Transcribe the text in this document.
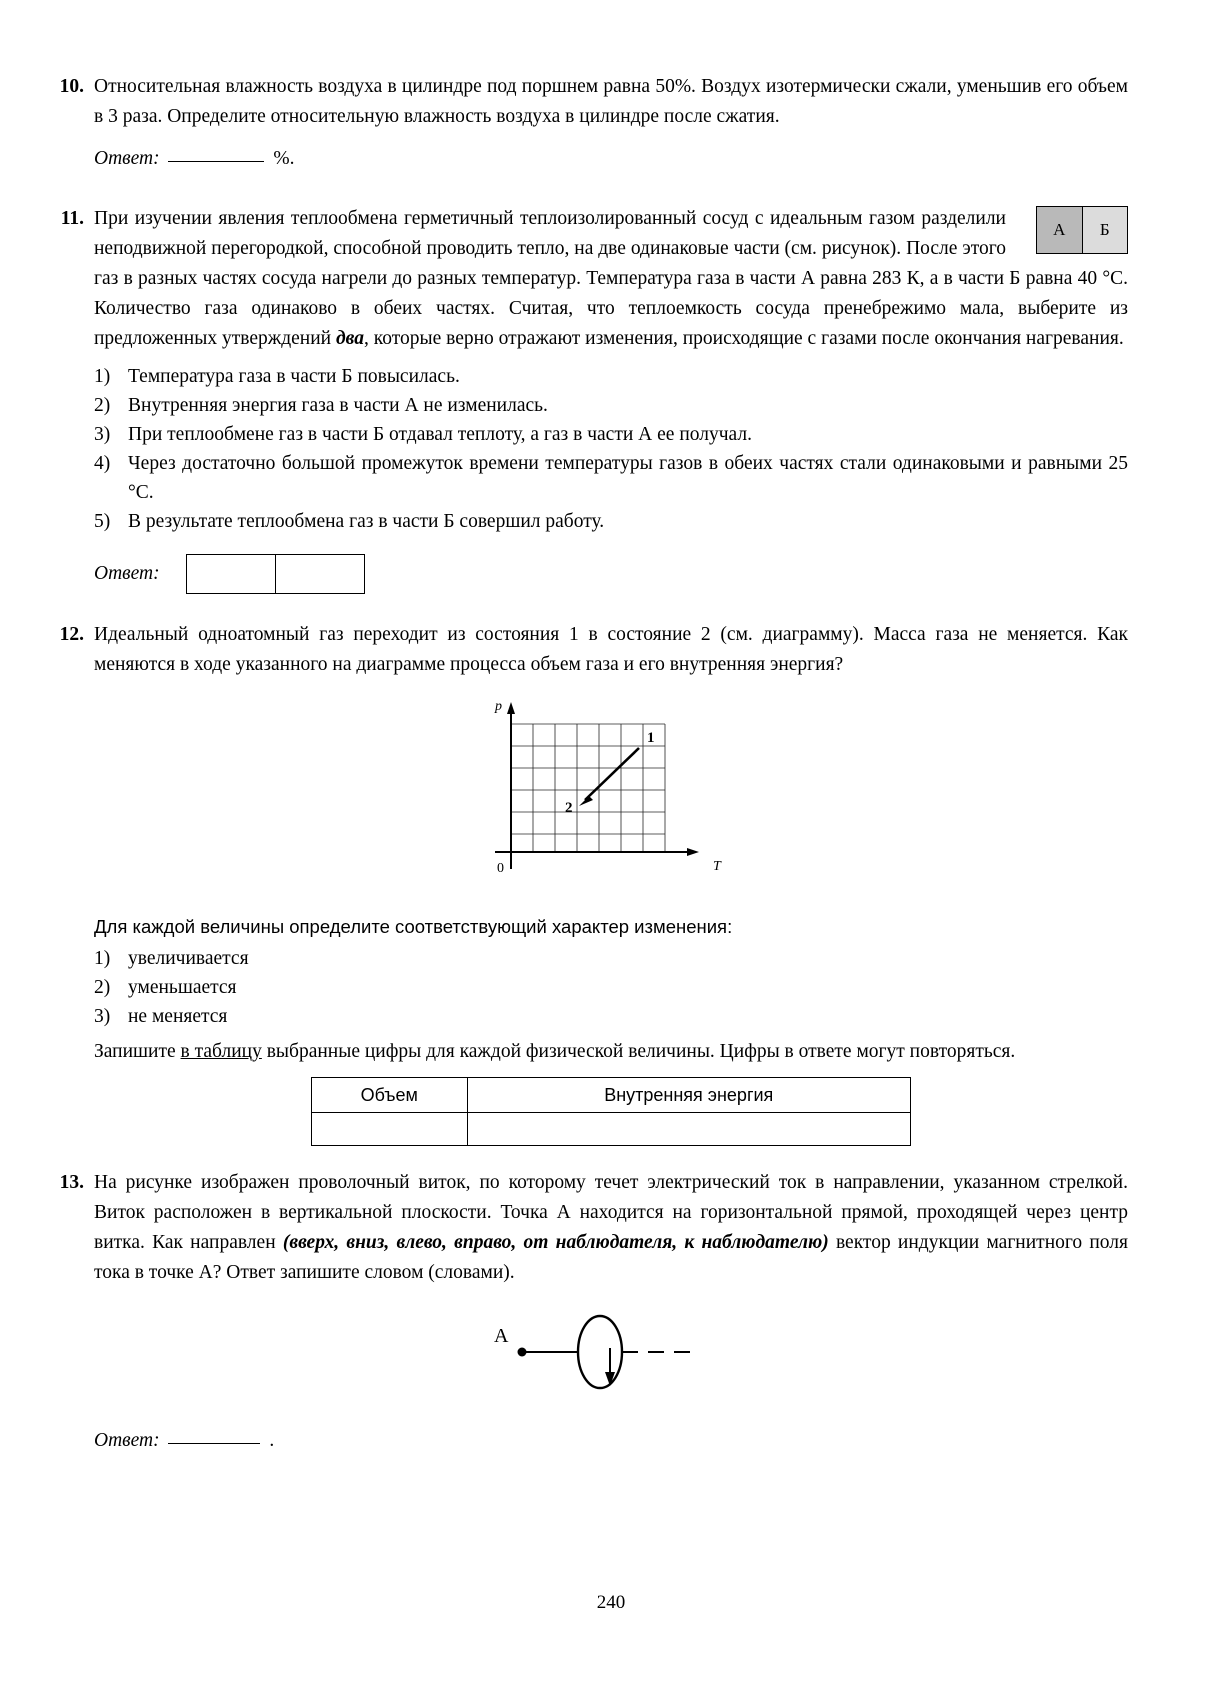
10. Относительная влажность воздуха в цилиндре под поршнем равна 50%. Воздух изотермически сжали, уменьшив его объем в 3 раза. Определите относительную влажность воздуха в цилиндре после сжатия.
Ответ:	%.
11.
А	Б
При изучении явления теплообмена герметичный теплоизолированный сосуд с идеальным газом разделили неподвижной перегородкой, способной проводить тепло, на две одинаковые части (см. рисунок). После этого газ в разных частях сосуда нагрели до разных температур. Температура газа в части А равна 283 К, а в части Б равна 40 °C. Количество газа одинаково в обеих частях. Считая, что теплоемкость сосуда пренебрежимо мала, выберите из предложенных утверждений два, которые верно отражают изменения, происходящие с газами после окончания нагревания.
1) Температура газа в части Б повысилась.
2) Внутренняя энергия газа в части А не изменилась.
3) При теплообмене газ в части Б отдавал теплоту, а газ в части А ее получал.
4) Через достаточно большой промежуток времени температуры газов в обеих частях стали одинаковыми и равными 25 °C.
5) В результате теплообмена газ в части Б совершил работу.
Ответ:
12. Идеальный одноатомный газ переходит из состояния 1 в состояние 2 (см. диаграмму). Масса газа не меняется. Как меняются в ходе указанного на диаграмме процесса объем газа и его внутренняя энергия?
p
T
0
1
2
Для каждой величины определите соответствующий характер изменения:
1) увеличивается
2) уменьшается
3) не меняется
Запишите в таблицу выбранные цифры для каждой физической величины. Цифры в ответе могут повторяться.
Объем	Внутренняя энергия

13. На рисунке изображен проволочный виток, по которому течет электрический ток в направлении, указанном стрелкой. Виток расположен в вертикальной плоскости. Точка А находится на горизонтальной прямой, проходящей через центр витка. Как направлен (вверх, вниз, влево, вправо, от наблюдателя, к наблюдателю) вектор индукции магнитного поля тока в точке А? Ответ запишите словом (словами).
А
Ответ:	.
240
